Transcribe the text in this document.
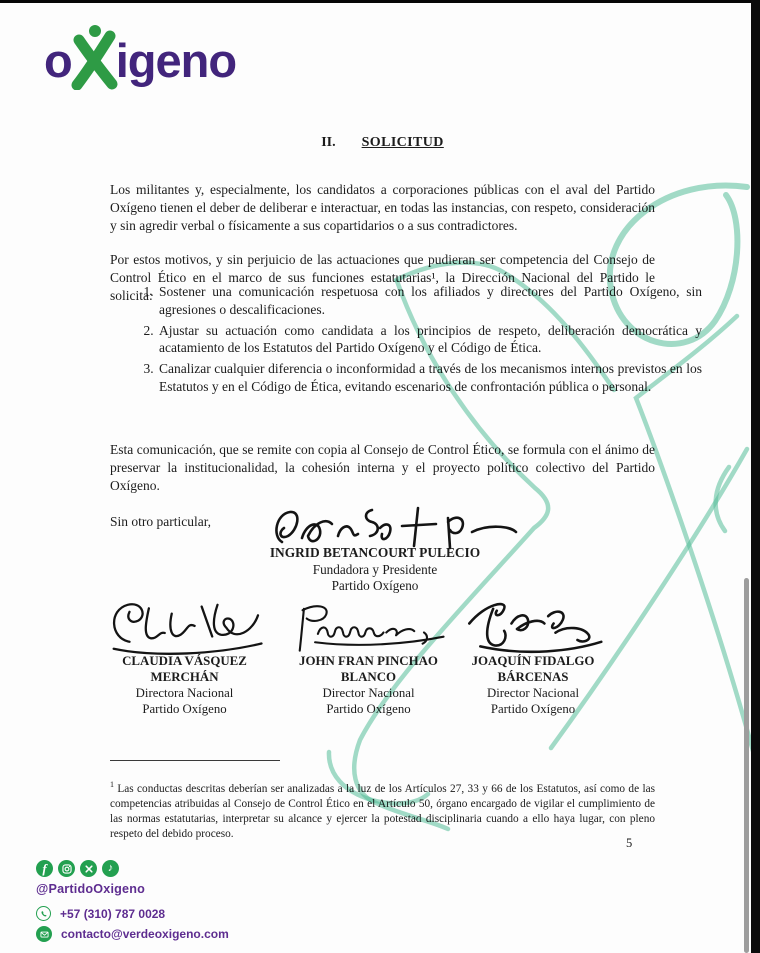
o igeno
II. SOLICITUD

Los militantes y, especialmente, los candidatos a corporaciones públicas con el aval del Partido Oxígeno tienen el deber de deliberar e interactuar, en todas las instancias, con respeto, consideración y sin agredir verbal o físicamente a sus copartidarios o a sus contradictores.

Por estos motivos, y sin perjuicio de las actuaciones que pudieran ser competencia del Consejo de Control Ético en el marco de sus funciones estatutarias¹, la Dirección Nacional del Partido le solicita: 1. Sostener una comunicación respetuosa con los afiliados y directores del Partido Oxígeno, sin agresiones o descalificaciones.
2. Ajustar su actuación como candidata a los principios de respeto, deliberación democrática y acatamiento de los Estatutos del Partido Oxígeno y el Código de Ética.
3. Canalizar cualquier diferencia o inconformidad a través de los mecanismos internos previstos en los Estatutos y en el Código de Ética, evitando escenarios de confrontación pública o personal.

Esta comunicación, que se remite con copia al Consejo de Control Ético, se formula con el ánimo de preservar la institucionalidad, la cohesión interna y el proyecto político colectivo del Partido Oxígeno.

Sin otro particular,

INGRID BETANCOURT PULECIO
Fundadora y Presidente
Partido Oxígeno
CLAUDIA VÁSQUEZ
MERCHÁN
Directora Nacional
Partido Oxígeno
JOHN FRAN PINCHAO
BLANCO
Director Nacional
Partido Oxígeno
JOAQUÍN FIDALGO
BÁRCENAS
Director Nacional
Partido Oxígeno

$^1$ Las conductas descritas deberían ser analizadas a la luz de los Artículos 27, 33 y 66 de los Estatutos, así como de las competencias atribuidas al Consejo de Control Ético en el Artículo 50, órgano encargado de vigilar el cumplimiento de las normas estatutarias, interpretar su alcance y ejercer la potestad disciplinaria cuando a ello haya lugar, con pleno respeto del debido proceso.

5
f	♪
@PartidoOxigeno
+57 (310) 787 0028
contacto@verdeoxigeno.com
